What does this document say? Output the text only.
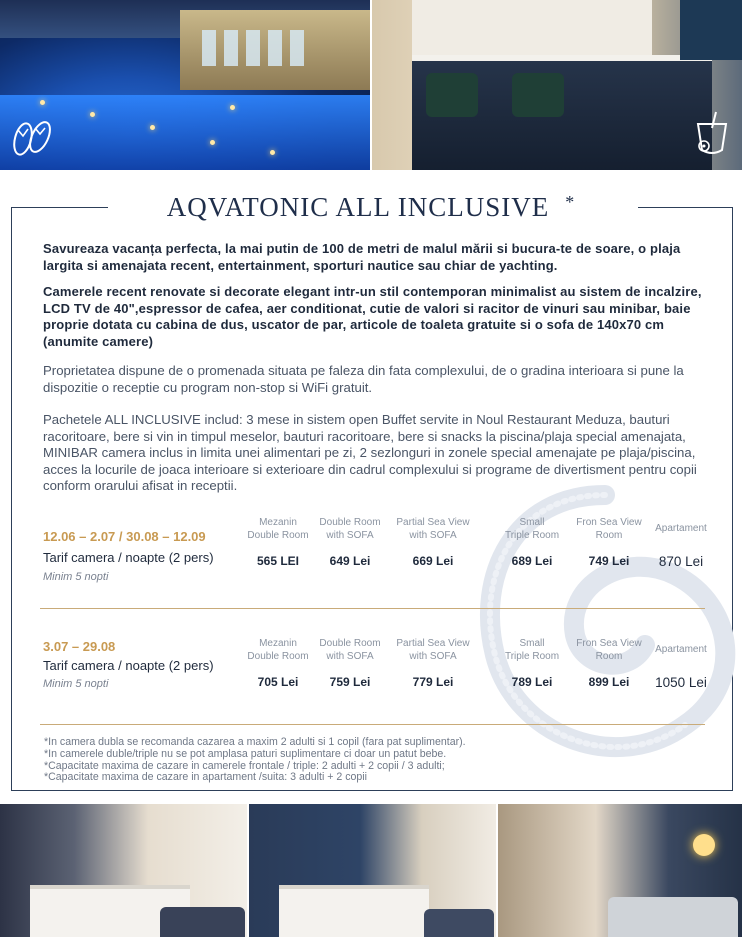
AQVATONIC ALL INCLUSIVE *
Savureaza vacanța perfecta, la mai putin de 100 de metri de malul mării si bucura-te de soare, o plaja largita si amenajata recent, entertainment, sporturi nautice sau chiar de yachting.
Camerele recent renovate si decorate elegant intr-un stil contemporan minimalist au sistem de incalzire, LCD TV de 40",espressor de cafea, aer conditionat, cutie de valori si racitor de vinuri sau minibar, baie proprie dotata cu cabina de dus, uscator de par, articole de toaleta gratuite si o sofa de 140x70 cm (anumite camere)
Proprietatea dispune de o promenada situata pe faleza din fata complexului, de o gradina interioara si pune la dispozitie o receptie cu program non-stop si WiFi gratuit.
Pachetele ALL INCLUSIVE includ: 3 mese in sistem open Buffet servite in Noul Restaurant Meduza, bauturi racoritoare, bere si vin in timpul meselor, bauturi racoritoare, bere si snacks la piscina/plaja special amenajata, MINIBAR camera inclus in limita unei alimentari pe zi, 2 sezlonguri in zonele special amenajate pe plaja/piscina, acces la locurile de joaca interioare si exterioare din cadrul complexului si programe de divertisment pentru copii conform orarului afisat in receptii.
12.06 – 2.07 / 30.08 – 12.09
Tarif camera / noapte (2 pers)
Minim 5 nopti
Mezanin
Double Room
565 LEI
Double Room
with SOFA
649 Lei
Partial Sea View
with SOFA
669 Lei
Small
Triple Room
689 Lei
Fron Sea View
Room
749 Lei
Apartament
870 Lei
3.07 – 29.08
Tarif camera / noapte (2 pers)
Minim 5 nopti
Mezanin
Double Room
705 Lei
Double Room
with SOFA
759 Lei
Partial Sea View
with SOFA
779 Lei
Small
Triple Room
789 Lei
Fron Sea View
Room
899 Lei
Apartament
1050 Lei
*In camera dubla se recomanda cazarea a maxim 2 adulti si 1 copil (fara pat suplimentar).
*In camerele duble/triple nu se pot amplasa paturi suplimentare ci doar un patut bebe.
*Capacitate maxima de cazare in camerele frontale / triple: 2 adulti + 2 copii / 3 adulti;
*Capacitate maxima de cazare in apartament /suita: 3 adulti + 2 copii
